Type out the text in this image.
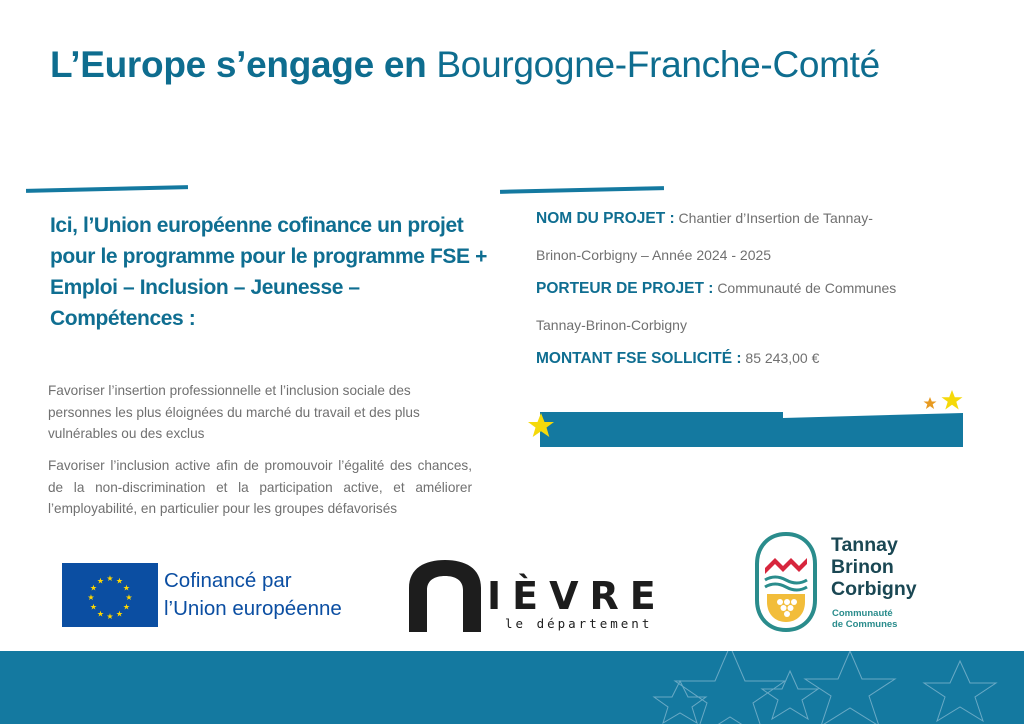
L’Europe s’engage en Bourgogne-Franche-Comté
Ici, l’Union européenne cofinance un projet pour le programme pour le programme FSE + Emploi – Inclusion – Jeunesse – Compétences :
Favoriser l’insertion professionnelle et l’inclusion sociale des personnes les plus éloignées du marché du travail et des plus vulnérables ou des exclus
Favoriser l’inclusion active afin de promouvoir l’égalité des chances, de la non-discrimination et la participation active, et améliorer l’employabilité, en particulier pour les groupes défavorisés
NOM DU PROJET : Chantier d’Insertion de Tannay-Brinon-Corbigny – Année 2024 - 2025
PORTEUR DE PROJET : Communauté de Communes Tannay-Brinon-Corbigny
MONTANT FSE SOLLICITÉ : 85 243,00 €
★ ★
★
★
★
★
★
★
★
★
★
★	Cofinancé par
l’Union européenne	IÈVRE
le département
Tannay
Brinon
Corbigny
Communauté
de Communes
